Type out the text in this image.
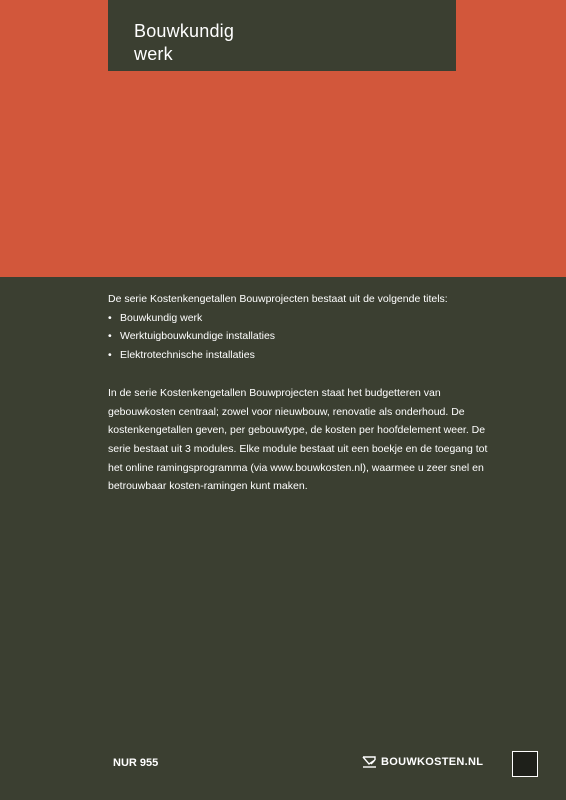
Bouwkundig
werk

De serie Kostenkengetallen Bouwprojecten bestaat uit de volgende titels:

• Bouwkundig werk
• Werktuigbouwkundige installaties
• Elektrotechnische installaties

In de serie Kostenkengetallen Bouwprojecten staat het budgetteren van gebouwkosten centraal; zowel voor nieuwbouw, renovatie als onderhoud. De kostenkengetallen geven, per gebouwtype, de kosten per hoofdelement weer. De serie bestaat uit 3 modules. Elke module bestaat uit een boekje en de toegang tot het online ramingsprogramma (via www.bouwkosten.nl), waarmee u zeer snel en betrouwbaar kosten-ramingen kunt maken.

NUR 955	BOUWKOSTEN.NL
